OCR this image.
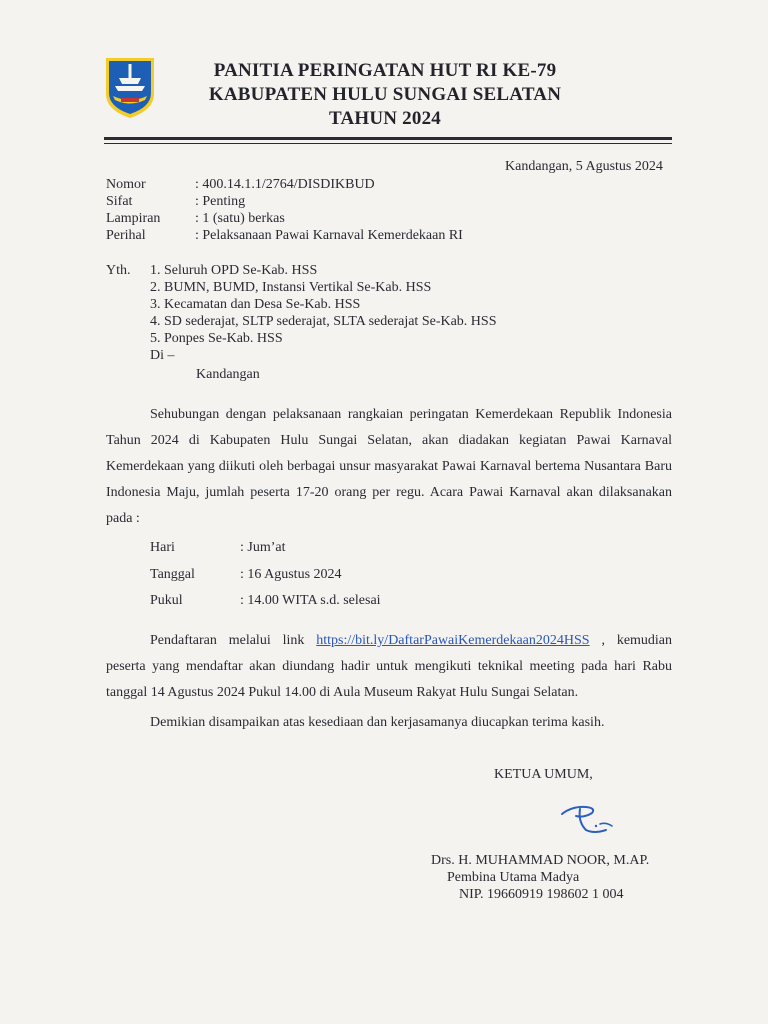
PANITIA PERINGATAN HUT RI KE-79
KABUPATEN HULU SUNGAI SELATAN
TAHUN 2024
Kandangan, 5 Agustus 2024
Nomor	: 400.14.1.1/2764/DISDIKBUD
Sifat	: Penting
Lampiran : 1 (satu) berkas
Perihal	: Pelaksanaan Pawai Karnaval Kemerdekaan RI
Yth. 1. Seluruh OPD Se-Kab. HSS
2. BUMN, BUMD, Instansi Vertikal Se-Kab. HSS
3. Kecamatan dan Desa Se-Kab. HSS
4. SD sederajat, SLTP sederajat, SLTA sederajat Se-Kab. HSS
5. Ponpes Se-Kab. HSS
Di –
Kandangan
Sehubungan dengan pelaksanaan rangkaian peringatan Kemerdekaan Republik Indonesia Tahun 2024 di Kabupaten Hulu Sungai Selatan, akan diadakan kegiatan Pawai Karnaval Kemerdekaan yang diikuti oleh berbagai unsur masyarakat Pawai Karnaval bertema Nusantara Baru Indonesia Maju, jumlah peserta 17-20 orang per regu. Acara Pawai Karnaval akan dilaksanakan pada :
Hari	: Jum’at
Tanggal	: 16 Agustus 2024
Pukul	: 14.00 WITA s.d. selesai
Pendaftaran melalui link https://bit.ly/DaftarPawaiKemerdekaan2024HSS , kemudian peserta yang mendaftar akan diundang hadir untuk mengikuti teknikal meeting pada hari Rabu tanggal 14 Agustus 2024 Pukul 14.00 di Aula Museum Rakyat Hulu Sungai Selatan.
Demikian disampaikan atas kesediaan dan kerjasamanya diucapkan terima kasih.
KETUA UMUM,
Drs. H. MUHAMMAD NOOR, M.AP.
Pembina Utama Madya
NIP. 19660919 198602 1 004
